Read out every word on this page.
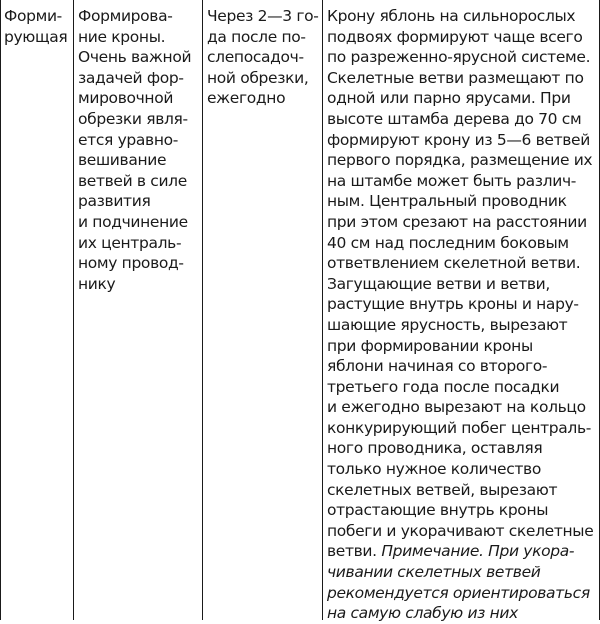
Форми-
рующая
Формирова-
ние кроны.
Очень важной
задачей фор-
мировочной
обрезки явля-
ется уравно-
вешивание
ветвей в силе
развития
и подчинение
их централь-
ному провод-
нику
Через 2—3 го-
да после по-
слепосадоч-
ной обрезки,
ежегодно
Крону яблонь на сильнорослых
подвоях формируют чаще всего
по разреженно-ярусной системе.
Скелетные ветви размещают по
одной или парно ярусами. При
высоте штамба дерева до 70 см
формируют крону из 5—6 ветвей
первого порядка, размещение их
на штамбе может быть различ-
ным. Центральный проводник
при этом срезают на расстоянии
40 см над последним боковым
ответвлением скелетной ветви.
Загущающие ветви и ветви,
растущие внутрь кроны и нару-
шающие ярусность, вырезают
при формировании кроны
яблони начиная со второго-
третьего года после посадки
и ежегодно вырезают на кольцо
конкурирующий побег централь-
ного проводника, оставляя
только нужное количество
скелетных ветвей, вырезают
отрастающие внутрь кроны
побеги и укорачивают скелетные
ветви. Примечание. При укора-
чивании скелетных ветвей
рекомендуется ориентироваться
на самую слабую из них
